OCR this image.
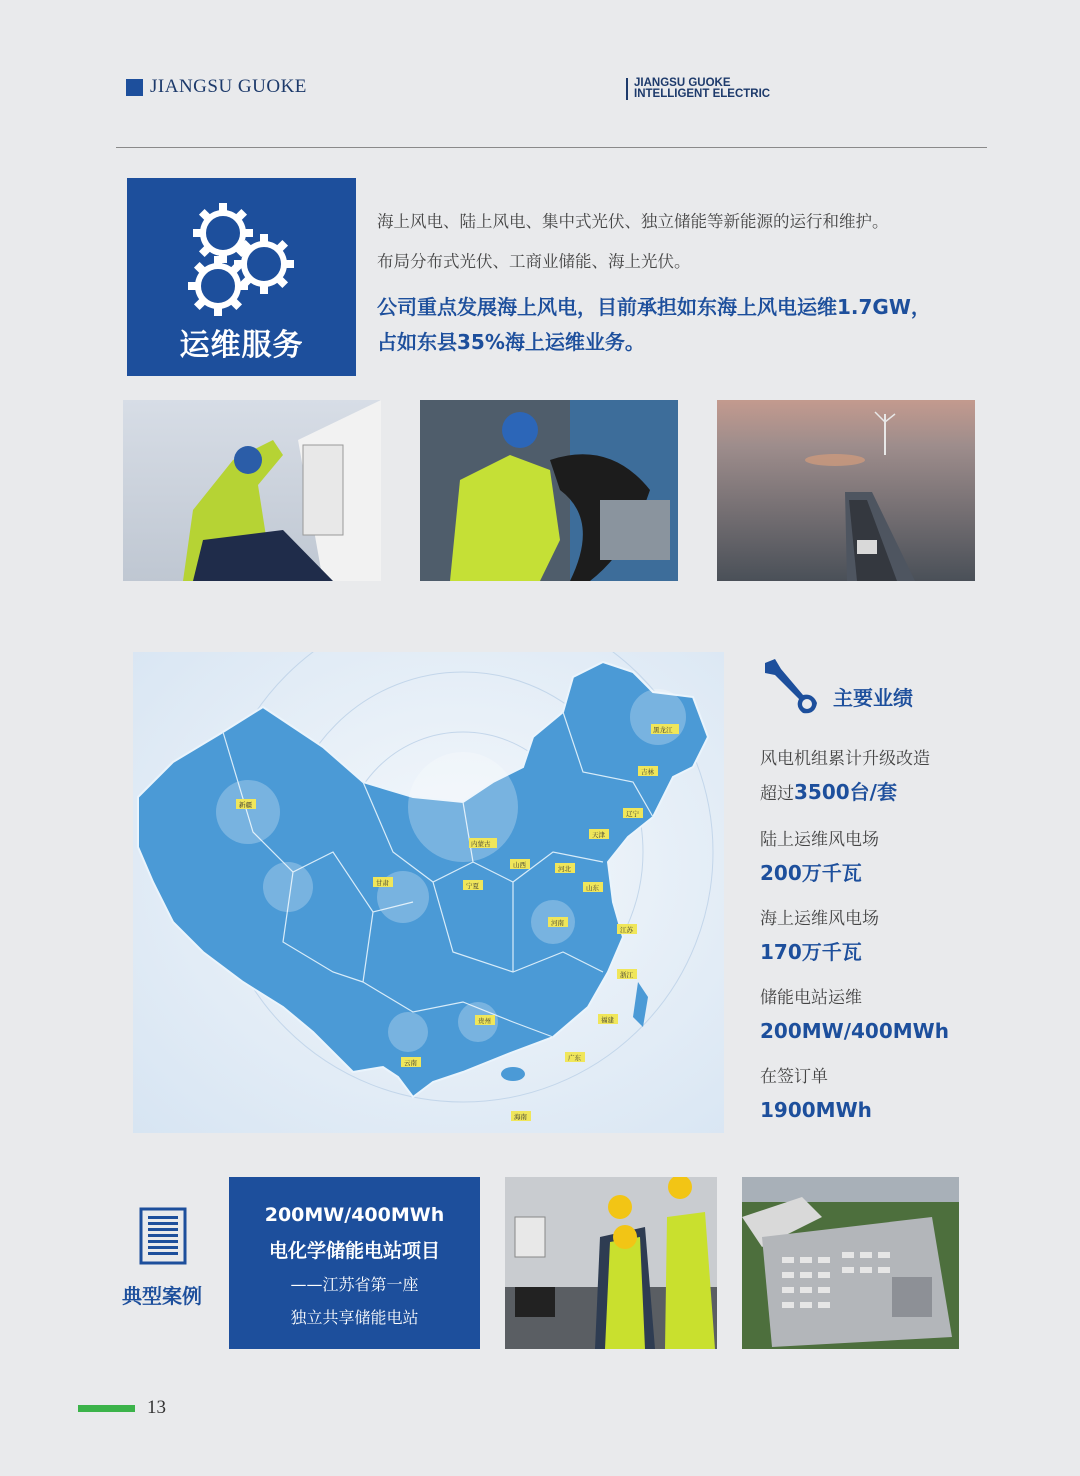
JIANGSU GUOKE	JIANGSU GUOKE
INTELLIGENT ELECTRIC
运维服务
海上风电、陆上风电、集中式光伏、独立储能等新能源的运行和维护。
布局分布式光伏、工商业储能、海上光伏。
公司重点发展海上风电，目前承担如东海上风电运维1.7GW，
占如东县35%海上运维业务。
新疆
内蒙古
黑龙江
吉林
辽宁
天津
山西	河北
山东
甘肃	宁夏
河南
江苏
浙江
福建
广东
贵州
云南
海南
主要业绩
风电机组累计升级改造
超过3500台/套
陆上运维风电场
200万千瓦
海上运维风电场
170万千瓦
储能电站运维
200MW/400MWh
在签订单
1900MWh
典型案例
200MW/400MWh
电化学储能电站项目
——江苏省第一座
独立共享储能电站
13
